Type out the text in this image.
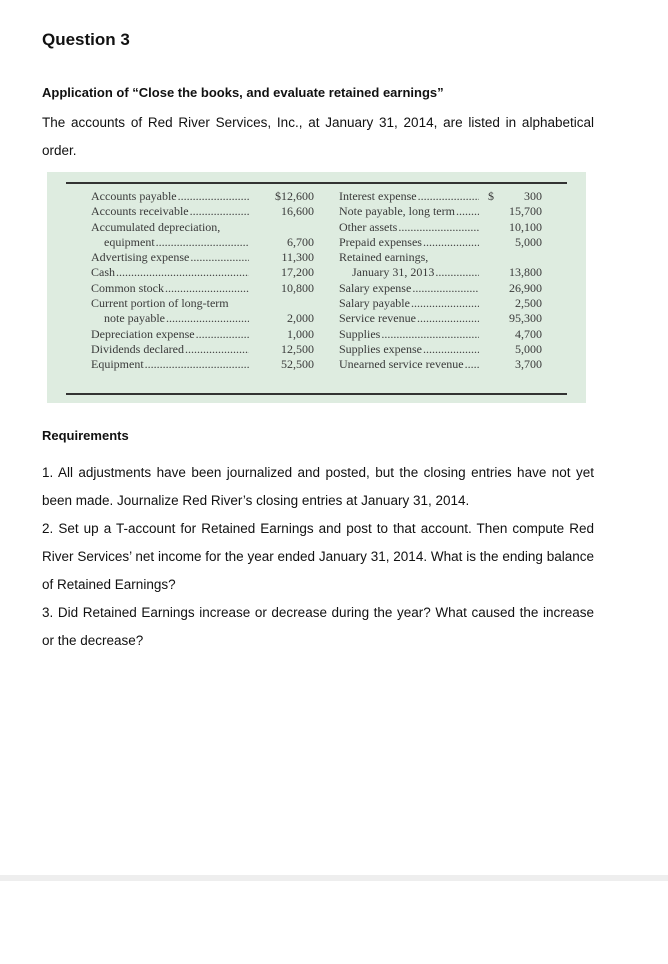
Question 3
Application of “Close the books, and evaluate retained earnings”
The accounts of Red River Services, Inc., at January 31, 2014, are listed in alphabetical order.
Accounts payable .....
Accounts receivable .....
Accumulated depreciation,
equipment .....
Advertising expense .....
Cash .....
Common stock .....
Current portion of long-term
note payable .....
Depreciation expense .....
Dividends declared .....
Equipment .....
$12,600
16,600
6,700
11,300
17,200
10,800
2,000
1,000
12,500
52,500
Interest expense .....
Note payable, long term .....
Other assets .....
Prepaid expenses .....
Retained earnings,
January 31, 2013 .....
Salary expense .....
Salary payable .....
Service revenue .....
Supplies .....
Supplies expense .....
Unearned service revenue .....
$	300
15,700
10,100
5,000
13,800
26,900
2,500
95,300
4,700
5,000
3,700
Requirements

1. All adjustments have been journalized and posted, but the closing entries have not yet been made. Journalize Red River’s closing entries at January 31, 2014.

2. Set up a T-account for Retained Earnings and post to that account. Then compute Red River Services’ net income for the year ended January 31, 2014. What is the ending balance of Retained Earnings?

3. Did Retained Earnings increase or decrease during the year? What caused the increase or the decrease?
